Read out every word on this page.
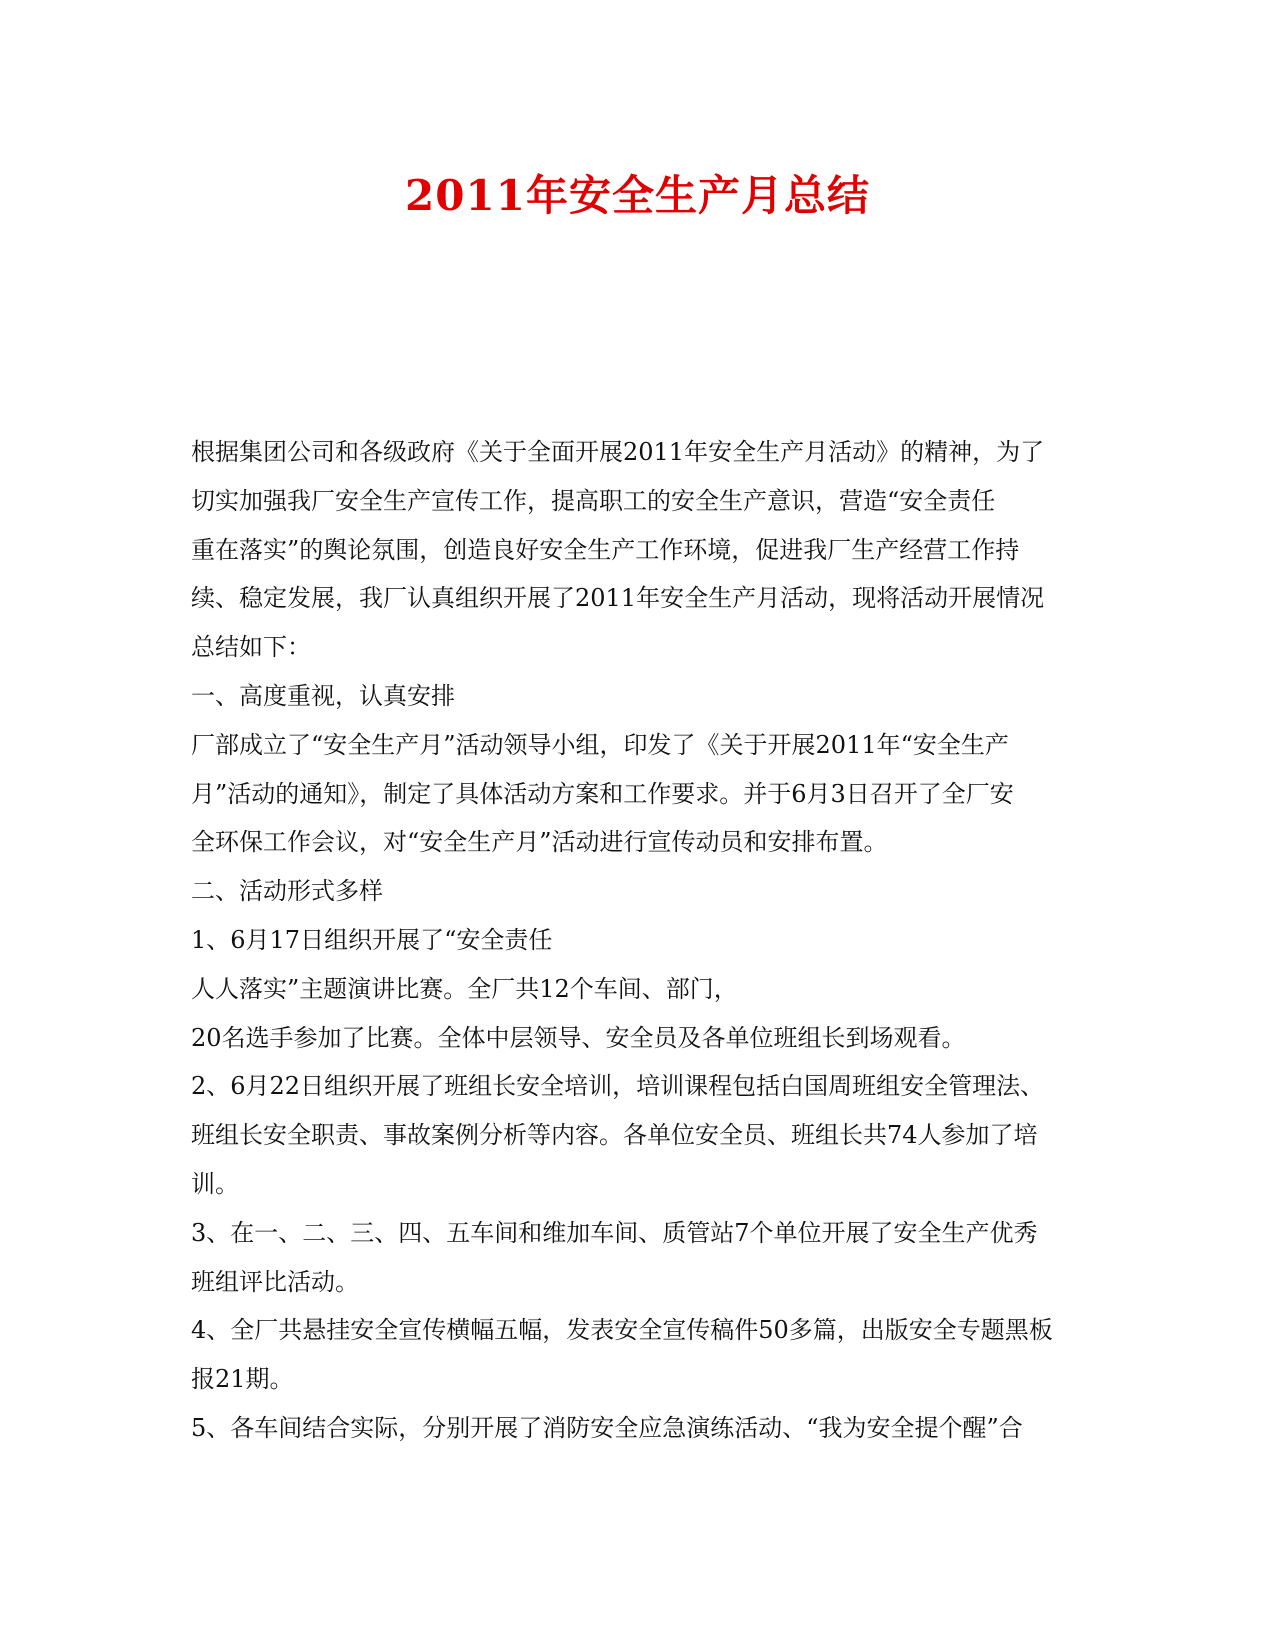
2011年安全生产月总结
根据集团公司和各级政府《关于全面开展2011年安全生产月活动》的精神，为了
切实加强我厂安全生产宣传工作，提高职工的安全生产意识，营造“安全责任
重在落实”的舆论氛围，创造良好安全生产工作环境，促进我厂生产经营工作持
续、稳定发展，我厂认真组织开展了2011年安全生产月活动，现将活动开展情况
总结如下：
一、高度重视，认真安排
厂部成立了“安全生产月”活动领导小组，印发了《关于开展2011年“安全生产
月”活动的通知》，制定了具体活动方案和工作要求。并于6月3日召开了全厂安
全环保工作会议，对“安全生产月”活动进行宣传动员和安排布置。
二、活动形式多样
1、6月17日组织开展了“安全责任
人人落实”主题演讲比赛。全厂共12个车间、部门，
20名选手参加了比赛。全体中层领导、安全员及各单位班组长到场观看。
2、6月22日组织开展了班组长安全培训，培训课程包括白国周班组安全管理法、
班组长安全职责、事故案例分析等内容。各单位安全员、班组长共74人参加了培
训。
3、在一、二、三、四、五车间和维加车间、质管站7个单位开展了安全生产优秀
班组评比活动。
4、全厂共悬挂安全宣传横幅五幅，发表安全宣传稿件50多篇，出版安全专题黑板
报21期。
5、各车间结合实际，分别开展了消防安全应急演练活动、“我为安全提个醒”合
